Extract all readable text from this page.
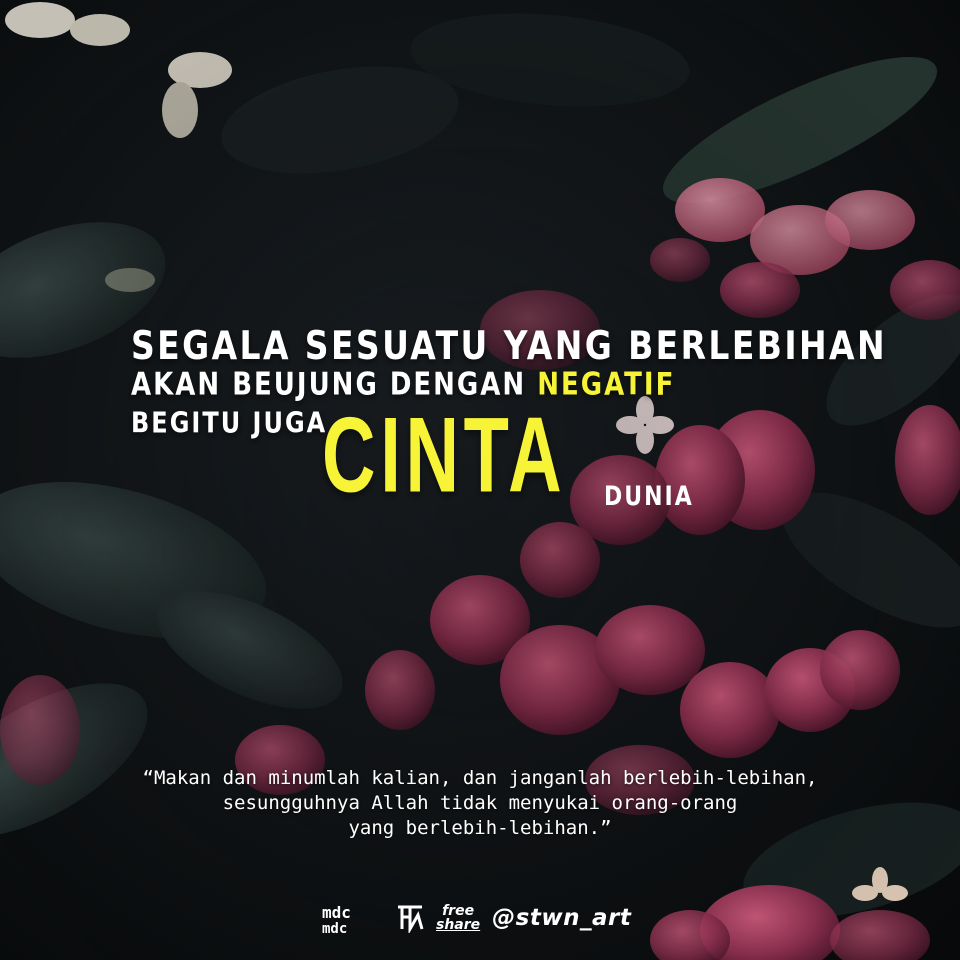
SEGALA SESUATU YANG BERLEBIHAN
AKAN BEUJUNG DENGAN NEGATIF
BEGITU JUGA
CINTA DUNIA
“Makan dan minumlah kalian, dan janganlah berlebih-lebihan,
sesungguhnya Allah tidak menyukai orang-orang
yang berlebih-lebihan.”
mdc
mdc
free
share @stwn_art
